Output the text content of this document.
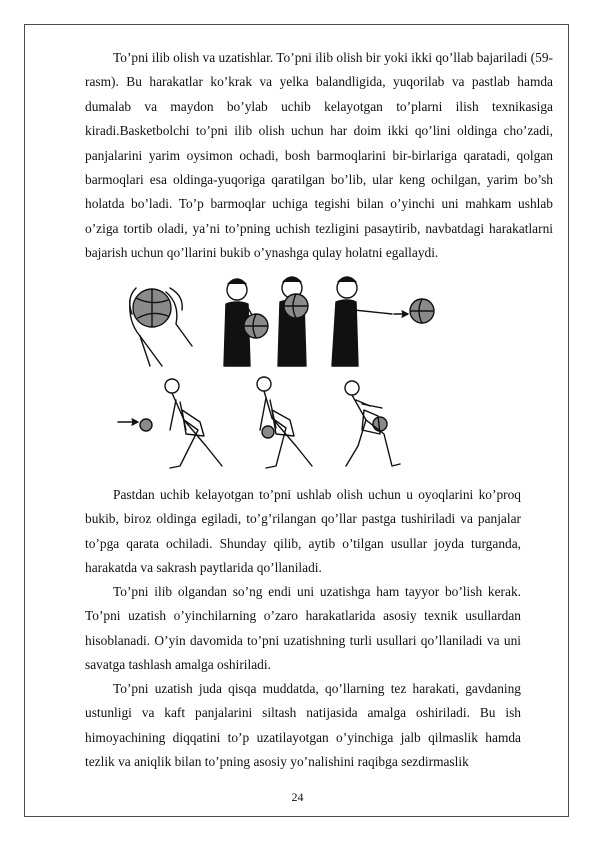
To’pni ilib olish va uzatishlar. To’pni ilib olish bir yoki ikki qo’llab bajariladi (59-rasm). Bu harakatlar ko’krak va yelka balandligida, yuqorilab va pastlab hamda dumalab va maydon bo’ylab uchib kelayotgan to’plarni ilish texnikasiga kiradi.Basketbolchi to’pni ilib olish uchun har doim ikki qo’lini oldinga cho’zadi, panjalarini yarim oysimon ochadi, bosh barmoqlarini bir-birlariga qaratadi, qolgan barmoqlari esa oldinga-yuqoriga qaratilgan bo’lib, ular keng ochilgan, yarim bo’sh holatda bo’ladi. To’p barmoqlar uchiga tegishi bilan o’yinchi uni mahkam ushlab o’ziga tortib oladi, ya’ni to’pning uchish tezligini pasaytirib, navbatdagi harakatlarni bajarish uchun qo’llarini bukib o’ynashga qulay holatni egallaydi.

Pastdan uchib kelayotgan to’pni ushlab olish uchun u oyoqlarini ko’proq bukib, biroz oldinga egiladi, to’g’rilangan qo’llar pastga tushiriladi va panjalar to’pga qarata ochiladi. Shunday qilib, aytib o’tilgan usullar joyda turganda, harakatda va sakrash paytlarida qo’llaniladi.

To’pni ilib olgandan so’ng endi uni uzatishga ham tayyor bo’lish kerak. To’pni uzatish o’yinchilarning o’zaro harakatlarida asosiy texnik usullardan hisoblanadi. O’yin davomida to’pni uzatishning turli usullari qo’llaniladi va uni savatga tashlash amalga oshiriladi.

To’pni uzatish juda qisqa muddatda, qo’llarning tez harakati, gavdaning ustunligi va kaft panjalarini siltash natijasida amalga oshiriladi. Bu ish himoyachining diqqatini to’p uzatilayotgan o’yinchiga jalb qilmaslik hamda tezlik va aniqlik bilan to’pning asosiy yo’nalishini raqibga sezdirmaslik

24
